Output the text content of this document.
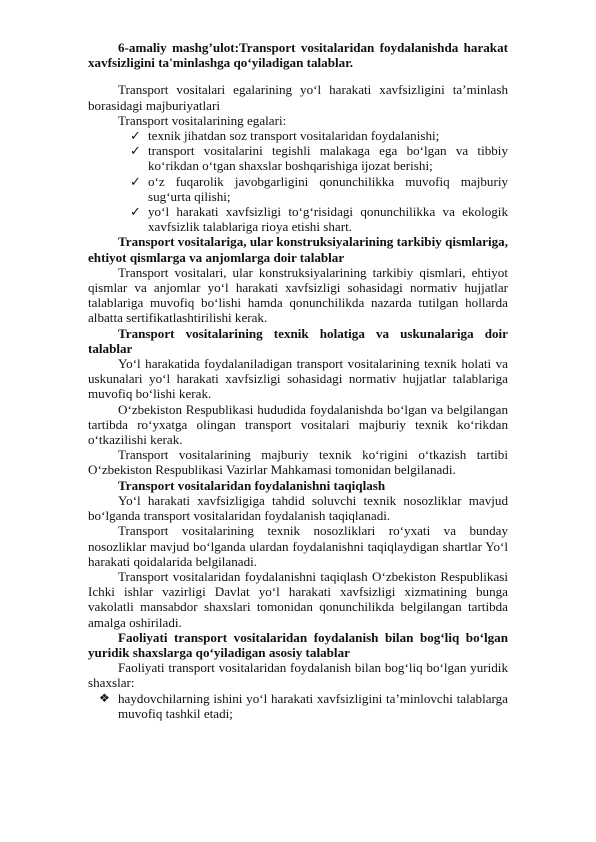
6-amaliy mashg’ulot:Transport vositalaridan foydalanishda harakat xavfsizligini ta'minlashga qo‘yiladigan talablar.

Transport vositalari egalarining yo‘l harakati xavfsizligini ta’minlash borasidagi majburiyatlari

Transport vositalarining egalari:

✓ texnik jihatdan soz transport vositalaridan foydalanishi;
✓ transport vositalarini tegishli malakaga ega bo‘lgan va tibbiy ko‘rikdan o‘tgan shaxslar boshqarishiga ijozat berishi;
✓ o‘z fuqarolik javobgarligini qonunchilikka muvofiq majburiy sug‘urta qilishi;
✓ yo‘l harakati xavfsizligi to‘g‘risidagi qonunchilikka va ekologik xavfsizlik talablariga rioya etishi shart.

Transport vositalariga, ular konstruksiyalarining tarkibiy qismlariga, ehtiyot qismlarga va anjomlarga doir talablar

Transport vositalari, ular konstruksiyalarining tarkibiy qismlari, ehtiyot qismlar va anjomlar yo‘l harakati xavfsizligi sohasidagi normativ hujjatlar talablariga muvofiq bo‘lishi hamda qonunchilikda nazarda tutilgan hollarda albatta sertifikatlashtirilishi kerak.

Transport vositalarining texnik holatiga va uskunalariga doir talablar

Yo‘l harakatida foydalaniladigan transport vositalarining texnik holati va uskunalari yo‘l harakati xavfsizligi sohasidagi normativ hujjatlar talablariga muvofiq bo‘lishi kerak.

O‘zbekiston Respublikasi hududida foydalanishda bo‘lgan va belgilangan tartibda ro‘yxatga olingan transport vositalari majburiy texnik ko‘rikdan o‘tkazilishi kerak.

Transport vositalarining majburiy texnik ko‘rigini o‘tkazish tartibi O‘zbekiston Respublikasi Vazirlar Mahkamasi tomonidan belgilanadi.

Transport vositalaridan foydalanishni taqiqlash

Yo‘l harakati xavfsizligiga tahdid soluvchi texnik nosozliklar mavjud bo‘lganda transport vositalaridan foydalanish taqiqlanadi.

Transport vositalarining texnik nosozliklari ro‘yxati va bunday nosozliklar mavjud bo‘lganda ulardan foydalanishni taqiqlaydigan shartlar Yo‘l harakati qoidalarida belgilanadi.

Transport vositalaridan foydalanishni taqiqlash O‘zbekiston Respublikasi Ichki ishlar vazirligi Davlat yo‘l harakati xavfsizligi xizmatining bunga vakolatli mansabdor shaxslari tomonidan qonunchilikda belgilangan tartibda amalga oshiriladi.

Faoliyati transport vositalaridan foydalanish bilan bog‘liq bo‘lgan yuridik shaxslarga qo‘yiladigan asosiy talablar

Faoliyati transport vositalaridan foydalanish bilan bog‘liq bo‘lgan yuridik shaxslar:

❖ haydovchilarning ishini yo‘l harakati xavfsizligini ta’minlovchi talablarga muvofiq tashkil etadi;
